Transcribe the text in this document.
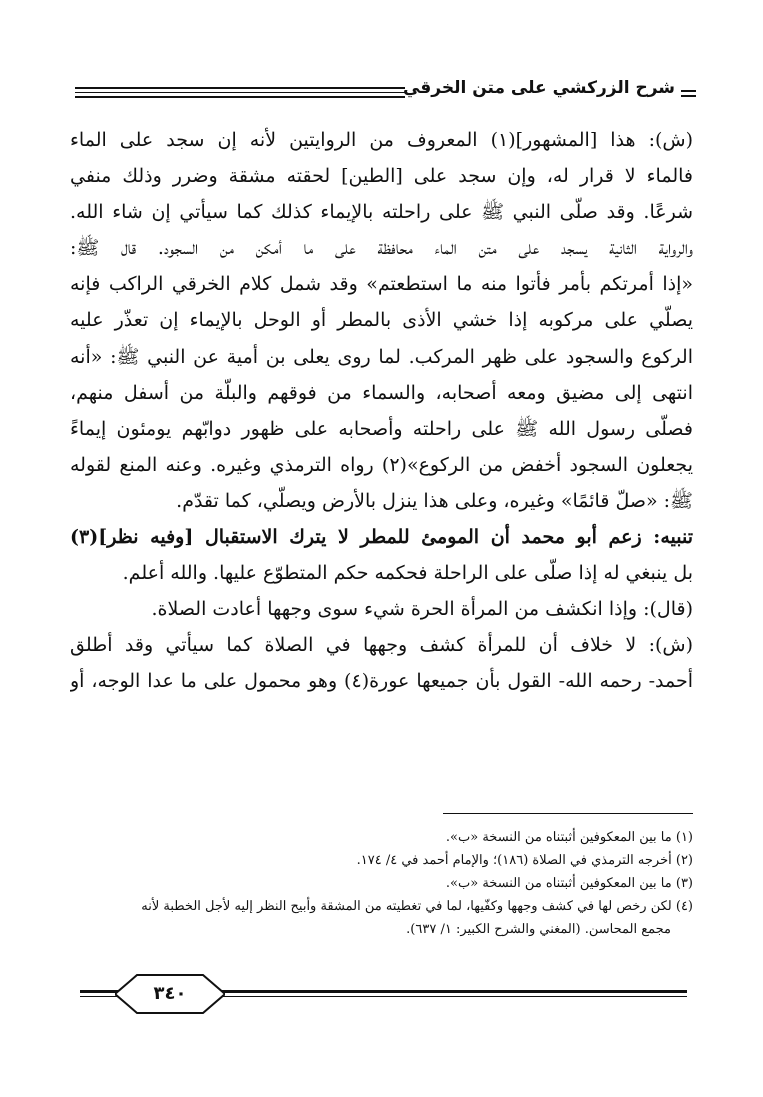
شرح الزركشي على متن الخرقي
(ش): هذا [المشهور](١) المعروف من الروايتين لأنه إن سجد على الماء
فالماء لا قرار له، وإن سجد على [الطين] لحقته مشقة وضرر وذلك منفي
شرعًا. وقد صلّى النبي ﷺ على راحلته بالإيماء كذلك كما سيأتي إن شاء الله.
والرواية الثانية يسجد على متن الماء محافظة على ما أمكن من السجود. قال ﷺ:
«إذا أمرتكم بأمر فأتوا منه ما استطعتم» وقد شمل كلام الخرقي الراكب فإنه
يصلّي على مركوبه إذا خشي الأذى بالمطر أو الوحل بالإيماء إن تعذّر عليه
الركوع والسجود على ظهر المركب. لما روى يعلى بن أمية عن النبي ﷺ: «أنه
انتهى إلى مضيق ومعه أصحابه، والسماء من فوقهم والبلّة من أسفل منهم،
فصلّى رسول الله ﷺ على راحلته وأصحابه على ظهور دوابّهم يومئون إيماءً
يجعلون السجود أخفض من الركوع»(٢) رواه الترمذي وغيره. وعنه المنع لقوله
ﷺ: «صلّ قائمًا» وغيره، وعلى هذا ينزل بالأرض ويصلّي، كما تقدّم.
تنبيه: زعم أبو محمد أن المومئ للمطر لا يترك الاستقبال [وفيه نظر](٣)
بل ينبغي له إذا صلّى على الراحلة فحكمه حكم المتطوّع عليها. والله أعلم.
(قال): وإذا انكشف من المرأة الحرة شيء سوى وجهها أعادت الصلاة.
(ش): لا خلاف أن للمرأة كشف وجهها في الصلاة كما سيأتي وقد أطلق
أحمد- رحمه الله- القول بأن جميعها عورة(٤) وهو محمول على ما عدا الوجه، أو
(١) ما بين المعكوفين أثبتناه من النسخة «ب».
(٢) أخرجه الترمذي في الصلاة (١٨٦)؛ والإمام أحمد في ٤/ ١٧٤.
(٣) ما بين المعكوفين أثبتناه من النسخة «ب».
(٤) لكن رخص لها في كشف وجهها وكفّيها، لما في تغطيته من المشقة وأبيح النظر إليه لأجل الخطبة لأنه
مجمع المحاسن. (المغني والشرح الكبير: ١/ ٦٣٧).
٣٤٠
